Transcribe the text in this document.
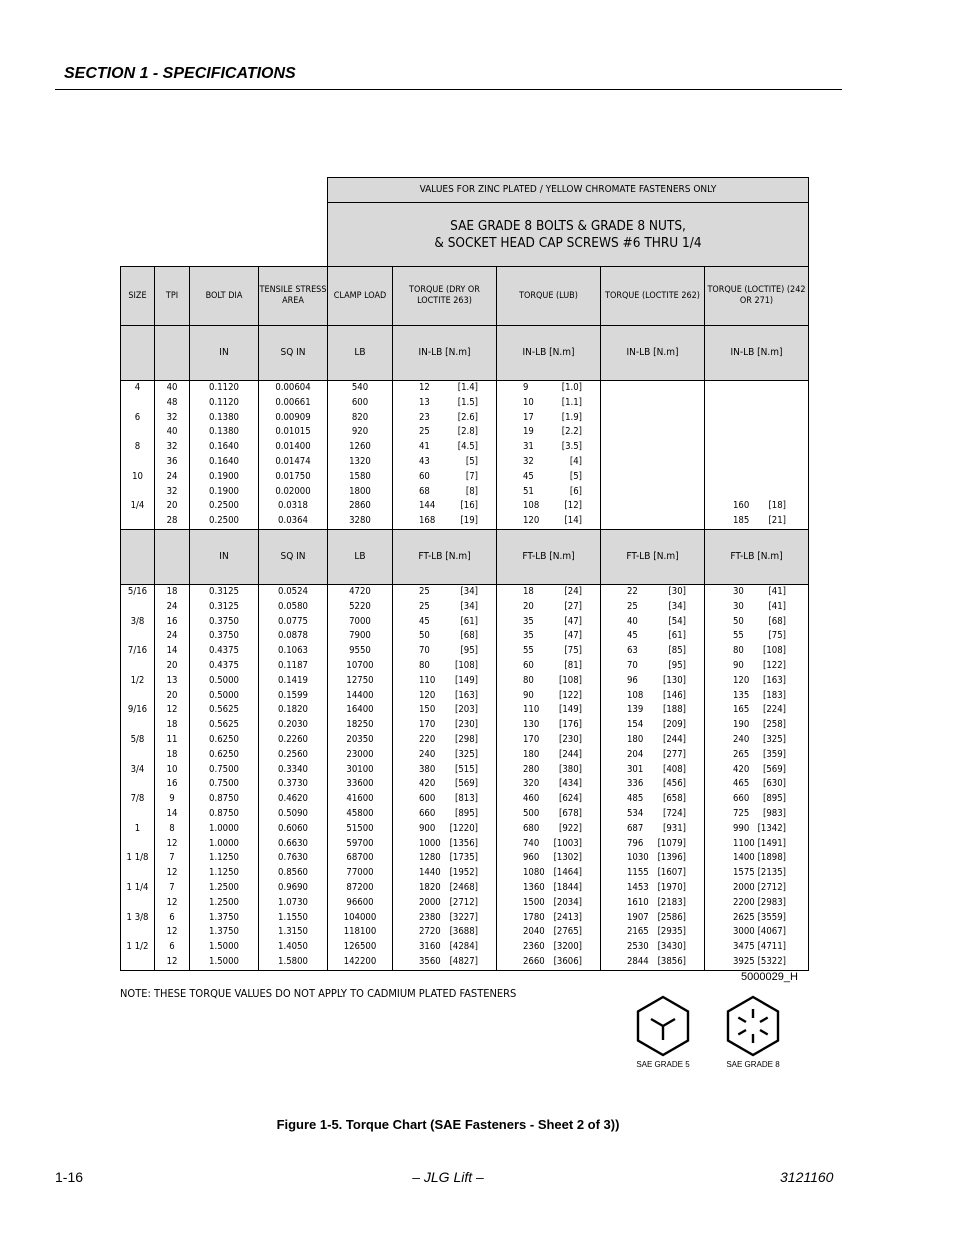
SECTION 1 - SPECIFICATIONS
				VALUES FOR ZINC PLATED / YELLOW CHROMATE FASTENERS ONLY				

				SAE GRADE 8 BOLTS & GRADE 8 NUTS,
& SOCKET HEAD CAP SCREWS #6 THRU 1/4				

SIZE	TPI	BOLT DIA	TENSILE STRESS AREA	CLAMP LOAD	TORQUE (DRY OR LOCTITE 263)	TORQUE (LUB)	TORQUE (LOCTITE 262)	TORQUE (LOCTITE) (242 OR 271)
		IN	SQ IN	LB	IN-LB [N.m]	IN-LB [N.m]	IN-LB [N.m]	IN-LB [N.m]
4	40	0.1120	0.00604	540	12 [1.4]	9 [1.0]		

	48	0.1120	0.00661	600	13 [1.5]	10 [1.1]		

6	32	0.1380	0.00909	820	23 [2.6]	17 [1.9]		

	40	0.1380	0.01015	920	25 [2.8]	19 [2.2]		

8	32	0.1640	0.01400	1260	41 [4.5]	31 [3.5]		

	36	0.1640	0.01474	1320	43 [5]	32 [4]		

10	24	0.1900	0.01750	1580	60 [7]	45 [5]		

	32	0.1900	0.02000	1800	68 [8]	51 [6]		

1/4	20	0.2500	0.0318	2860	144 [16]	108 [12]		160 [18]

	28	0.2500	0.0364	3280	168 [19]	120 [14]		185 [21]

		IN	SQ IN	LB	FT-LB [N.m]	FT-LB [N.m]	FT-LB [N.m]	FT-LB [N.m]
5/16	18	0.3125	0.0524	4720	25 [34]	18 [24]	22 [30]	30 [41]

	24	0.3125	0.0580	5220	25 [34]	20 [27]	25 [34]	30 [41]

3/8	16	0.3750	0.0775	7000	45 [61]	35 [47]	40 [54]	50 [68]

	24	0.3750	0.0878	7900	50 [68]	35 [47]	45 [61]	55 [75]

7/16	14	0.4375	0.1063	9550	70 [95]	55 [75]	63 [85]	80 [108]

	20	0.4375	0.1187	10700	80 [108]	60 [81]	70 [95]	90 [122]

1/2	13	0.5000	0.1419	12750	110 [149]	80 [108]	96 [130]	120 [163]

	20	0.5000	0.1599	14400	120 [163]	90 [122]	108 [146]	135 [183]

9/16	12	0.5625	0.1820	16400	150 [203]	110 [149]	139 [188]	165 [224]

	18	0.5625	0.2030	18250	170 [230]	130 [176]	154 [209]	190 [258]

5/8	11	0.6250	0.2260	20350	220 [298]	170 [230]	180 [244]	240 [325]

	18	0.6250	0.2560	23000	240 [325]	180 [244]	204 [277]	265 [359]

3/4	10	0.7500	0.3340	30100	380 [515]	280 [380]	301 [408]	420 [569]

	16	0.7500	0.3730	33600	420 [569]	320 [434]	336 [456]	465 [630]

7/8	9	0.8750	0.4620	41600	600 [813]	460 [624]	485 [658]	660 [895]

	14	0.8750	0.5090	45800	660 [895]	500 [678]	534 [724]	725 [983]

1	8	1.0000	0.6060	51500	900 [1220]	680 [922]	687 [931]	990 [1342]

	12	1.0000	0.6630	59700	1000 [1356]	740 [1003]	796 [1079]	1100 [1491]

1 1/8	7	1.1250	0.7630	68700	1280 [1735]	960 [1302]	1030 [1396]	1400 [1898]

	12	1.1250	0.8560	77000	1440 [1952]	1080 [1464]	1155 [1607]	1575 [2135]

1 1/4	7	1.2500	0.9690	87200	1820 [2468]	1360 [1844]	1453 [1970]	2000 [2712]

	12	1.2500	1.0730	96600	2000 [2712]	1500 [2034]	1610 [2183]	2200 [2983]

1 3/8	6	1.3750	1.1550	104000	2380 [3227]	1780 [2413]	1907 [2586]	2625 [3559]

	12	1.3750	1.3150	118100	2720 [3688]	2040 [2765]	2165 [2935]	3000 [4067]

1 1/2	6	1.5000	1.4050	126500	3160 [4284]	2360 [3200]	2530 [3430]	3475 [4711]

	12	1.5000	1.5800	142200	3560 [4827]	2660 [3606]	2844 [3856]	3925 [5322]
5000029_H
NOTE: THESE TORQUE VALUES DO NOT APPLY TO CADMIUM PLATED FASTENERS
SAE GRADE 5	SAE GRADE 8
Figure 1-5. Torque Chart (SAE Fasteners - Sheet 2 of 3))
1-16	– JLG Lift –	3121160
